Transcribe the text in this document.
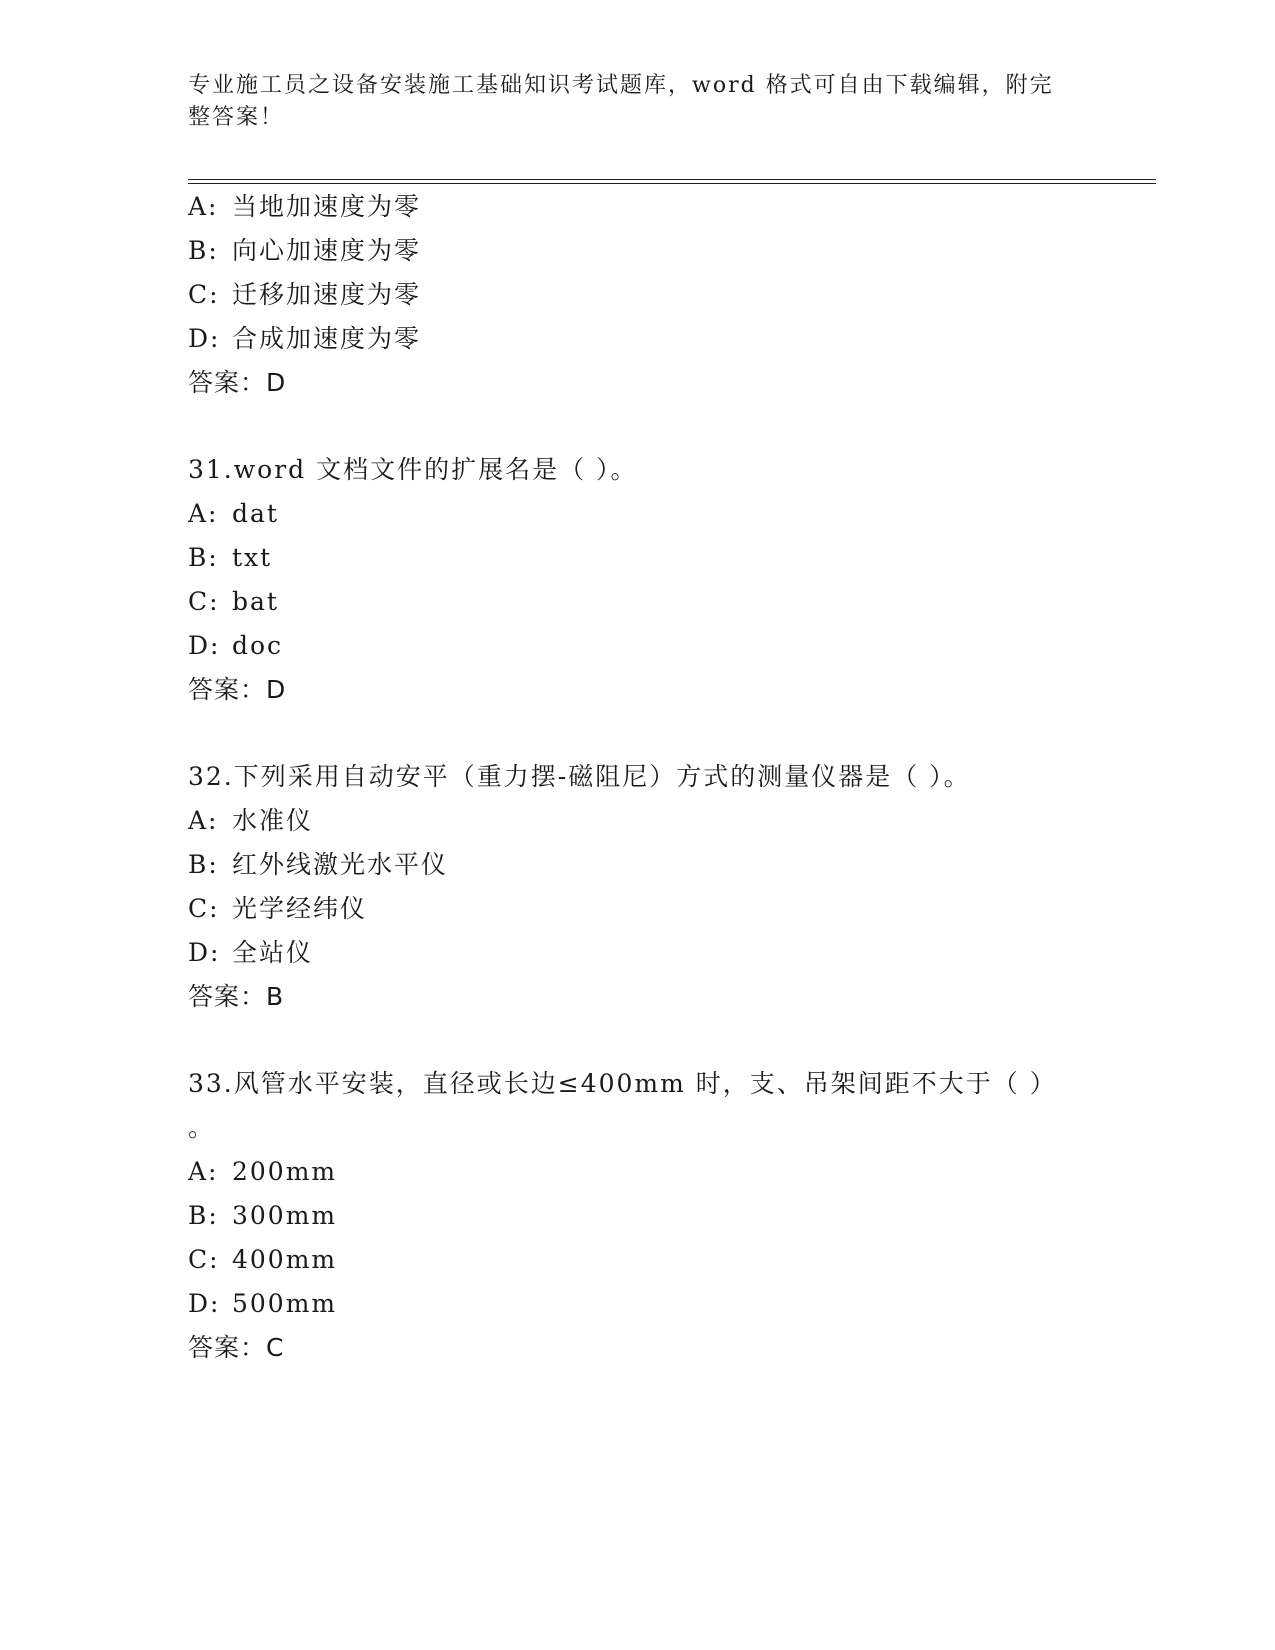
专业施工员之设备安装施工基础知识考试题库，word 格式可自由下载编辑，附完整答案！
A: 当地加速度为零
B: 向心加速度为零
C: 迁移加速度为零
D: 合成加速度为零
答案：D
31.word 文档文件的扩展名是（ ）。
A: dat
B: txt
C: bat
D: doc
答案：D
32.下列采用自动安平（重力摆-磁阻尼）方式的测量仪器是（ ）。
A: 水准仪
B: 红外线激光水平仪
C: 光学经纬仪
D: 全站仪
答案：B
33.风管水平安装，直径或长边≤400mm 时，支、吊架间距不大于（ ）
。
A: 200mm
B: 300mm
C: 400mm
D: 500mm
答案：C
